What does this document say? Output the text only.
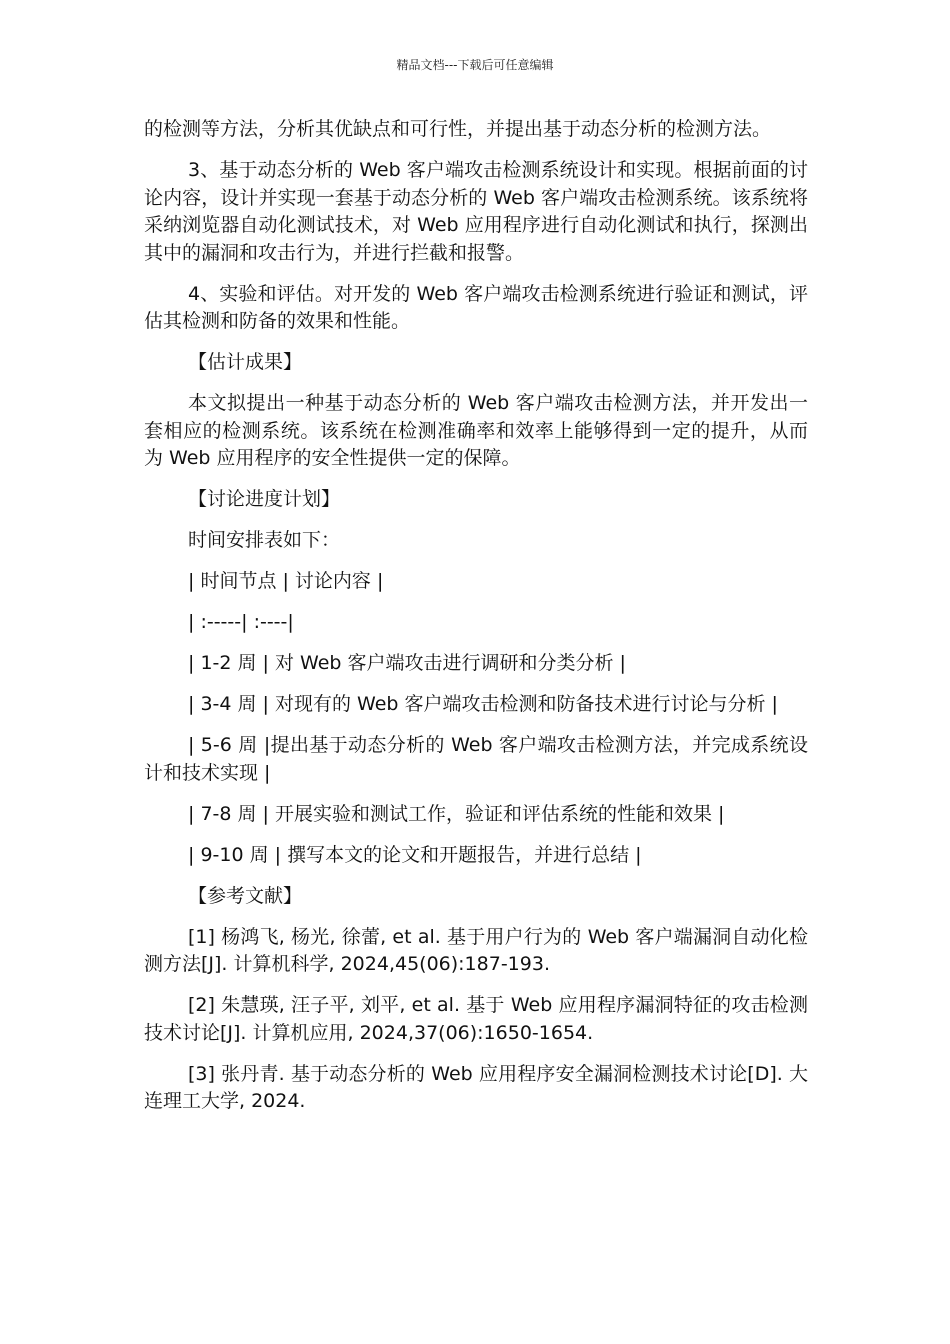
精品文档---下载后可任意编辑

的检测等方法，分析其优缺点和可行性，并提出基于动态分析的检测方法。

3、基于动态分析的 Web 客户端攻击检测系统设计和实现。根据前面的讨论内容，设计并实现一套基于动态分析的 Web 客户端攻击检测系统。该系统将采纳浏览器自动化测试技术，对 Web 应用程序进行自动化测试和执行，探测出其中的漏洞和攻击行为，并进行拦截和报警。

4、实验和评估。对开发的 Web 客户端攻击检测系统进行验证和测试，评估其检测和防备的效果和性能。

【估计成果】

本文拟提出一种基于动态分析的 Web 客户端攻击检测方法，并开发出一套相应的检测系统。该系统在检测准确率和效率上能够得到一定的提升，从而为 Web 应用程序的安全性提供一定的保障。

【讨论进度计划】

时间安排表如下：

| 时间节点 | 讨论内容 |

| :-----| :----|

| 1-2 周 | 对 Web 客户端攻击进行调研和分类分析 |

| 3-4 周 | 对现有的 Web 客户端攻击检测和防备技术进行讨论与分析 |

| 5-6 周 |提出基于动态分析的 Web 客户端攻击检测方法，并完成系统设计和技术实现 |

| 7-8 周 | 开展实验和测试工作，验证和评估系统的性能和效果 |

| 9-10 周 | 撰写本文的论文和开题报告，并进行总结 |

【参考文献】

[1] 杨鸿飞, 杨光, 徐蕾, et al. 基于用户行为的 Web 客户端漏洞自动化检测方法[J]. 计算机科学, 2024,45(06):187-193.

[2] 朱慧瑛, 汪子平, 刘平, et al. 基于 Web 应用程序漏洞特征的攻击检测技术讨论[J]. 计算机应用, 2024,37(06):1650-1654.

[3] 张丹青. 基于动态分析的 Web 应用程序安全漏洞检测技术讨论[D]. 大连理工大学, 2024.
